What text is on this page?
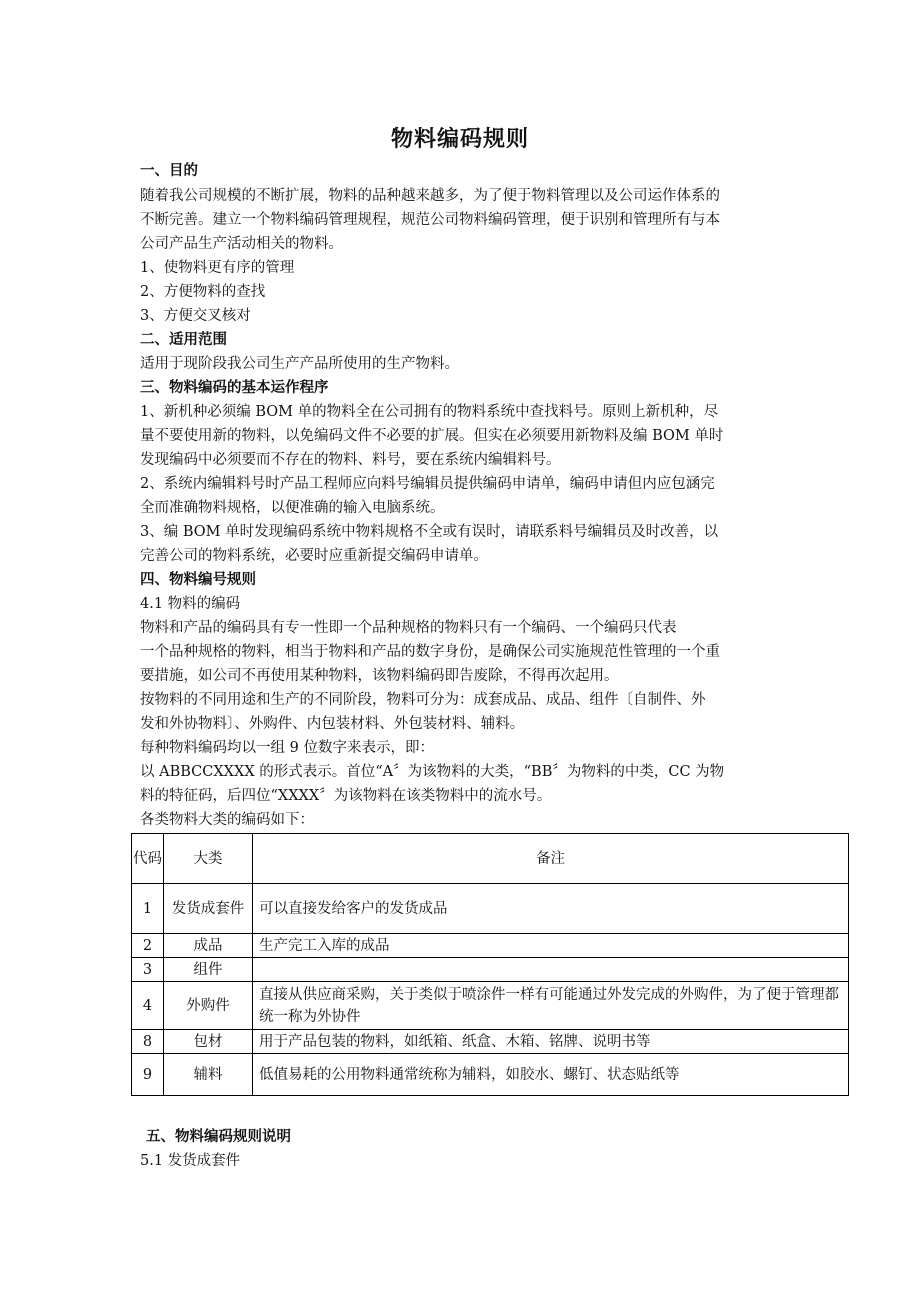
物料编码规则
一、目的
随着我公司规模的不断扩展，物料的品种越来越多，为了便于物料管理以及公司运作体系的
不断完善。建立一个物料编码管理规程，规范公司物料编码管理，便于识别和管理所有与本
公司产品生产活动相关的物料。
1、使物料更有序的管理
2、方便物料的查找
3、方便交叉核对
二、适用范围
适用于现阶段我公司生产产品所使用的生产物料。
三、物料编码的基本运作程序
1、新机种必须编 BOM 单的物料全在公司拥有的物料系统中查找料号。原则上新机种，尽
量不要使用新的物料，以免编码文件不必要的扩展。但实在必须要用新物料及编 BOM 单时
发现编码中必须要而不存在的物料、料号，要在系统内编辑料号。
2、系统内编辑料号时产品工程师应向料号编辑员提供编码申请单，编码申请但内应包涵完
全而准确物料规格，以便准确的输入电脑系统。
3、编 BOM 单时发现编码系统中物料规格不全或有误时，请联系料号编辑员及时改善，以
完善公司的物料系统，必要时应重新提交编码申请单。
四、物料编号规则
4.1 物料的编码
物料和产品的编码具有专一性即一个品种规格的物料只有一个编码、一个编码只代表
一个品种规格的物料，相当于物料和产品的数字身份，是确保公司实施规范性管理的一个重
要措施，如公司不再使用某种物料，该物料编码即告废除，不得再次起用。
按物料的不同用途和生产的不同阶段，物料可分为：成套成品、成品、组件〔自制件、外
发和外协物料〕、外购件、内包装材料、外包装材料、辅料。
每种物料编码均以一组 9 位数字来表示，即：
以 ABBCCXXXX 的形式表示。首位“A〞为该物料的大类，“BB〞为物料的中类，CC 为物
料的特征码，后四位“XXXX〞为该物料在该类物料中的流水号。
各类物料大类的编码如下：
代码	大类	备注
1	发货成套件	可以直接发给客户的发货成品
2	成品	生产完工入库的成品
3	组件	
4	外购件	直接从供应商采购，关于类似于喷涂件一样有可能通过外发完成的外购件，为了便于管理都统一称为外协件
8	包材	用于产品包装的物料，如纸箱、纸盒、木箱、铭牌、说明书等
9	辅料	低值易耗的公用物料通常统称为辅料，如胶水、螺钉、状态贴纸等
五、物料编码规则说明
5.1 发货成套件
